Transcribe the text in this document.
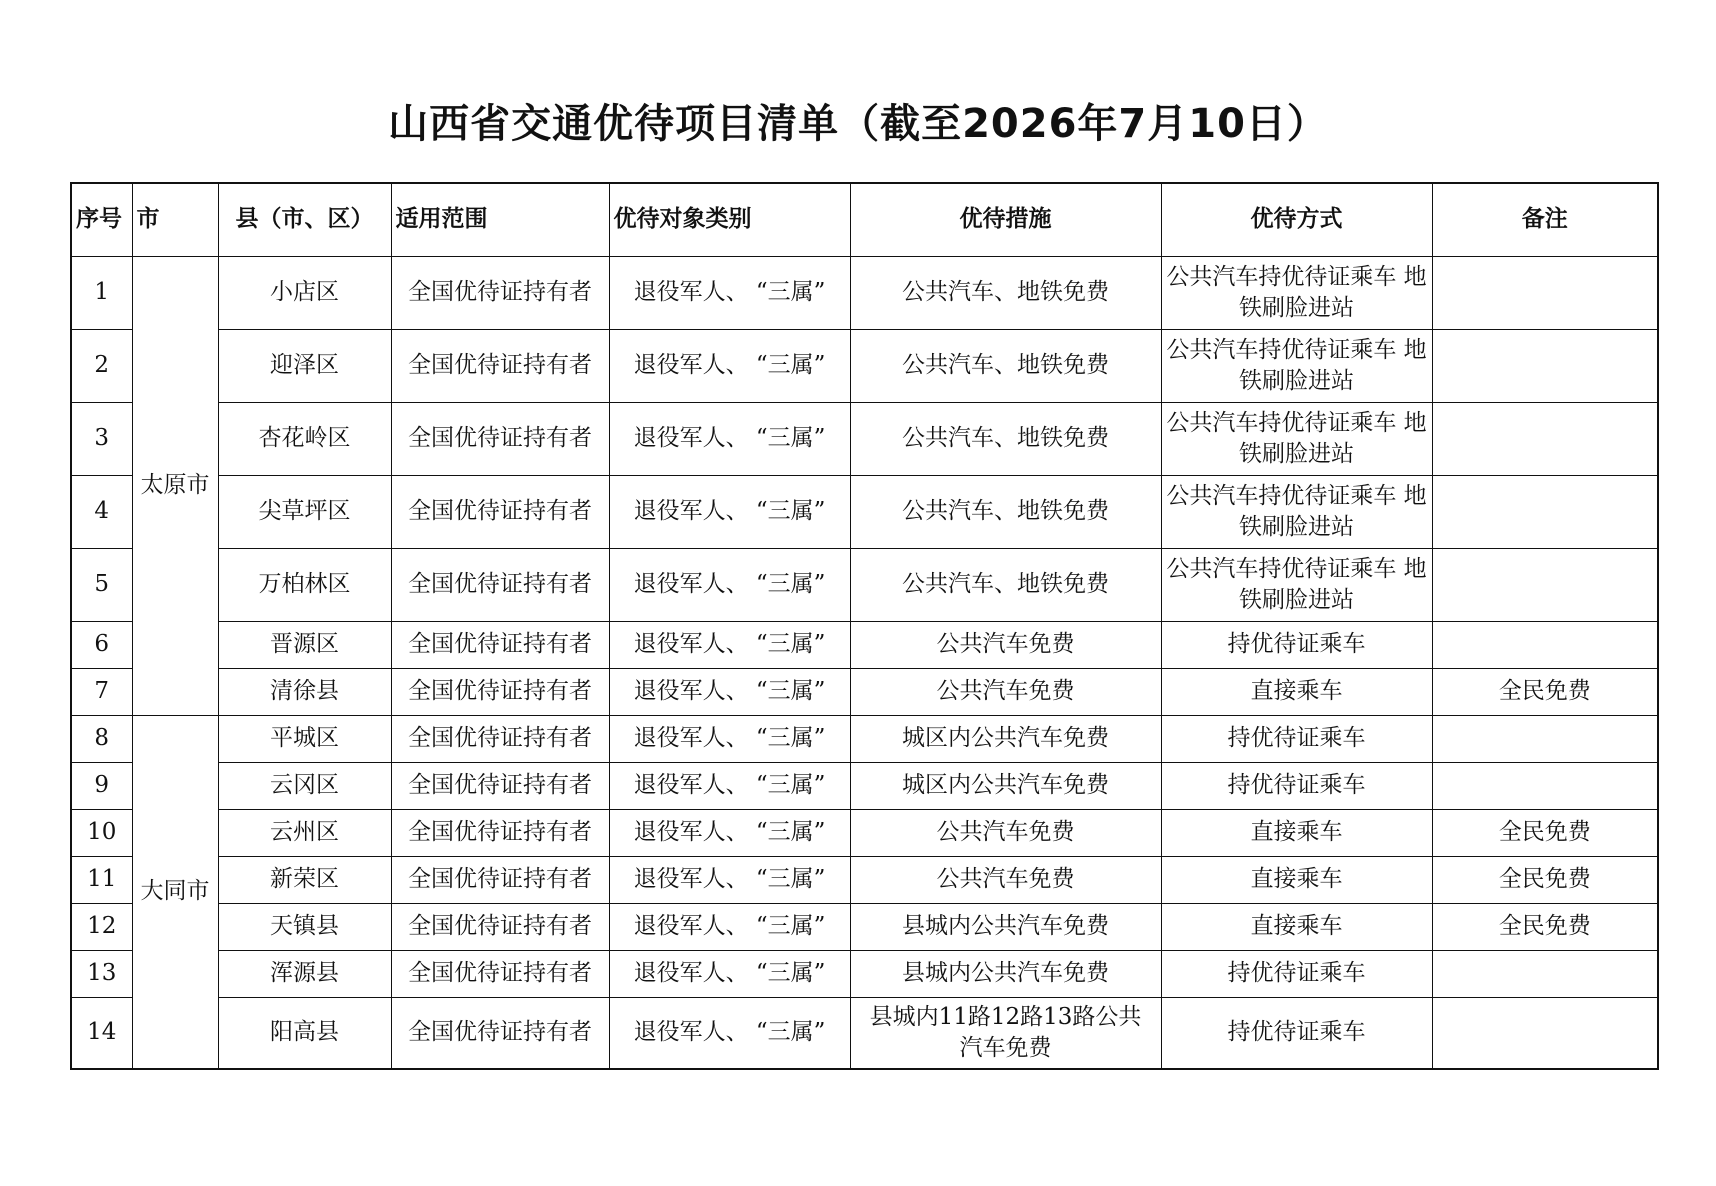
山西省交通优待项目清单（截至2026年7月10日）
序号	市	县（市、区）	适用范围	优待对象类别	优待措施	优待方式	备注
1	太原市	小店区	全国优待证持有者	退役军人、 “三属”	公共汽车、地铁免费	公共汽车持优待证乘车 地铁刷脸进站	
2		迎泽区	全国优待证持有者	退役军人、 “三属”	公共汽车、地铁免费	公共汽车持优待证乘车 地铁刷脸进站	
3		杏花岭区	全国优待证持有者	退役军人、 “三属”	公共汽车、地铁免费	公共汽车持优待证乘车 地铁刷脸进站	
4		尖草坪区	全国优待证持有者	退役军人、 “三属”	公共汽车、地铁免费	公共汽车持优待证乘车 地铁刷脸进站	
5		万柏林区	全国优待证持有者	退役军人、 “三属”	公共汽车、地铁免费	公共汽车持优待证乘车 地铁刷脸进站	
6		晋源区	全国优待证持有者	退役军人、 “三属”	公共汽车免费	持优待证乘车	
7		清徐县	全国优待证持有者	退役军人、 “三属”	公共汽车免费	直接乘车	全民免费
8	大同市	平城区	全国优待证持有者	退役军人、 “三属”	城区内公共汽车免费	持优待证乘车	
9		云冈区	全国优待证持有者	退役军人、 “三属”	城区内公共汽车免费	持优待证乘车	
10		云州区	全国优待证持有者	退役军人、 “三属”	公共汽车免费	直接乘车	全民免费
11		新荣区	全国优待证持有者	退役军人、 “三属”	公共汽车免费	直接乘车	全民免费
12		天镇县	全国优待证持有者	退役军人、 “三属”	县城内公共汽车免费	直接乘车	全民免费
13		浑源县	全国优待证持有者	退役军人、 “三属”	县城内公共汽车免费	持优待证乘车	
14		阳高县	全国优待证持有者	退役军人、 “三属”	县城内11路12路13路公共 汽车免费	持优待证乘车	
